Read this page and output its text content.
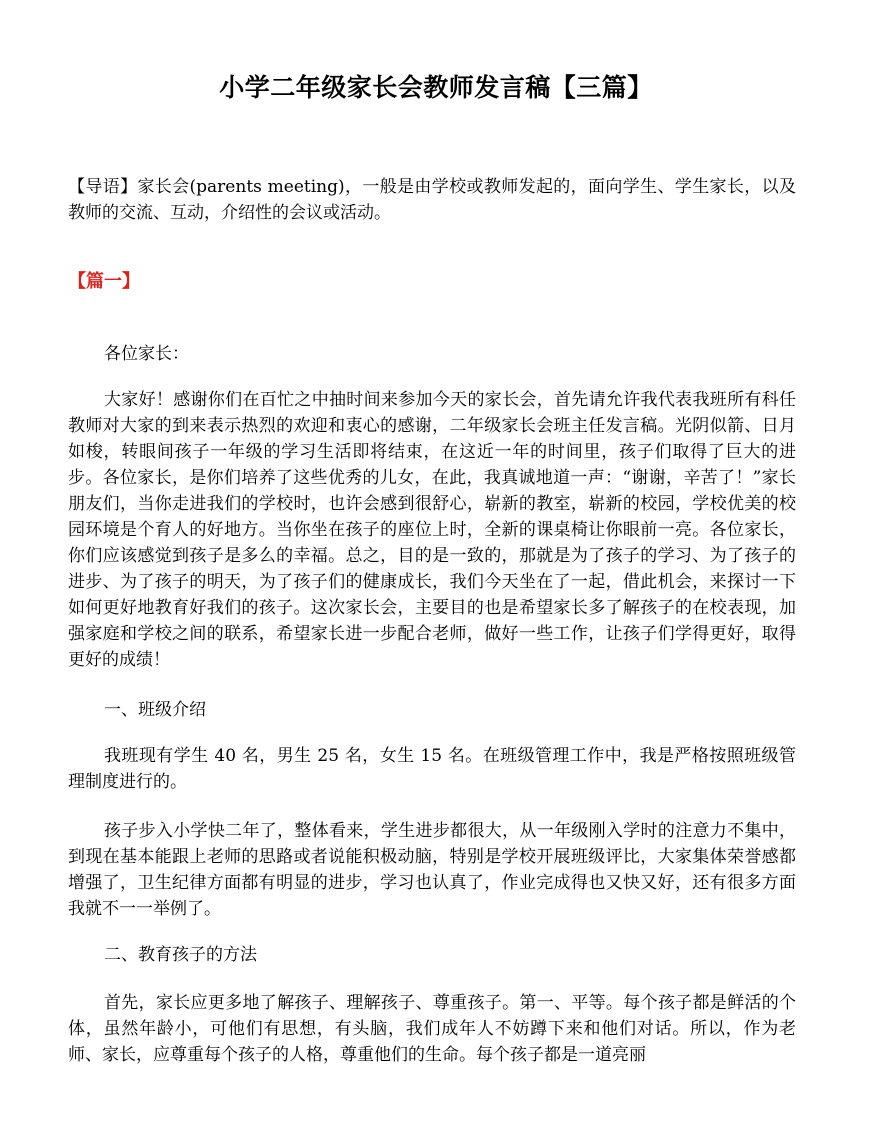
小学二年级家长会教师发言稿【三篇】

【导语】家长会(parents meeting)，一般是由学校或教师发起的，面向学生、学生家长，以及教师的交流、互动，介绍性的会议或活动。

【篇一】

各位家长：

大家好！感谢你们在百忙之中抽时间来参加今天的家长会，首先请允许我代表我班所有科任教师对大家的到来表示热烈的欢迎和衷心的感谢，二年级家长会班主任发言稿。光阴似箭、日月如梭，转眼间孩子一年级的学习生活即将结束，在这近一年的时间里，孩子们取得了巨大的进步。各位家长，是你们培养了这些优秀的儿女，在此，我真诚地道一声：“谢谢，辛苦了！”家长朋友们，当你走进我们的学校时，也许会感到很舒心，崭新的教室，崭新的校园，学校优美的校园环境是个育人的好地方。当你坐在孩子的座位上时，全新的课桌椅让你眼前一亮。各位家长，你们应该感觉到孩子是多么的幸福。总之，目的是一致的，那就是为了孩子的学习、为了孩子的进步、为了孩子的明天，为了孩子们的健康成长，我们今天坐在了一起，借此机会，来探讨一下如何更好地教育好我们的孩子。这次家长会，主要目的也是希望家长多了解孩子的在校表现，加强家庭和学校之间的联系，希望家长进一步配合老师，做好一些工作，让孩子们学得更好，取得更好的成绩！

一、班级介绍

我班现有学生 40 名，男生 25 名，女生 15 名。在班级管理工作中，我是严格按照班级管理制度进行的。

孩子步入小学快二年了，整体看来，学生进步都很大，从一年级刚入学时的注意力不集中，到现在基本能跟上老师的思路或者说能积极动脑，特别是学校开展班级评比，大家集体荣誉感都增强了，卫生纪律方面都有明显的进步，学习也认真了，作业完成得也又快又好，还有很多方面我就不一一举例了。

二、教育孩子的方法

首先，家长应更多地了解孩子、理解孩子、尊重孩子。第一、平等。每个孩子都是鲜活的个体，虽然年龄小，可他们有思想，有头脑，我们成年人不妨蹲下来和他们对话。所以，作为老师、家长，应尊重每个孩子的人格，尊重他们的生命。每个孩子都是一道亮丽
